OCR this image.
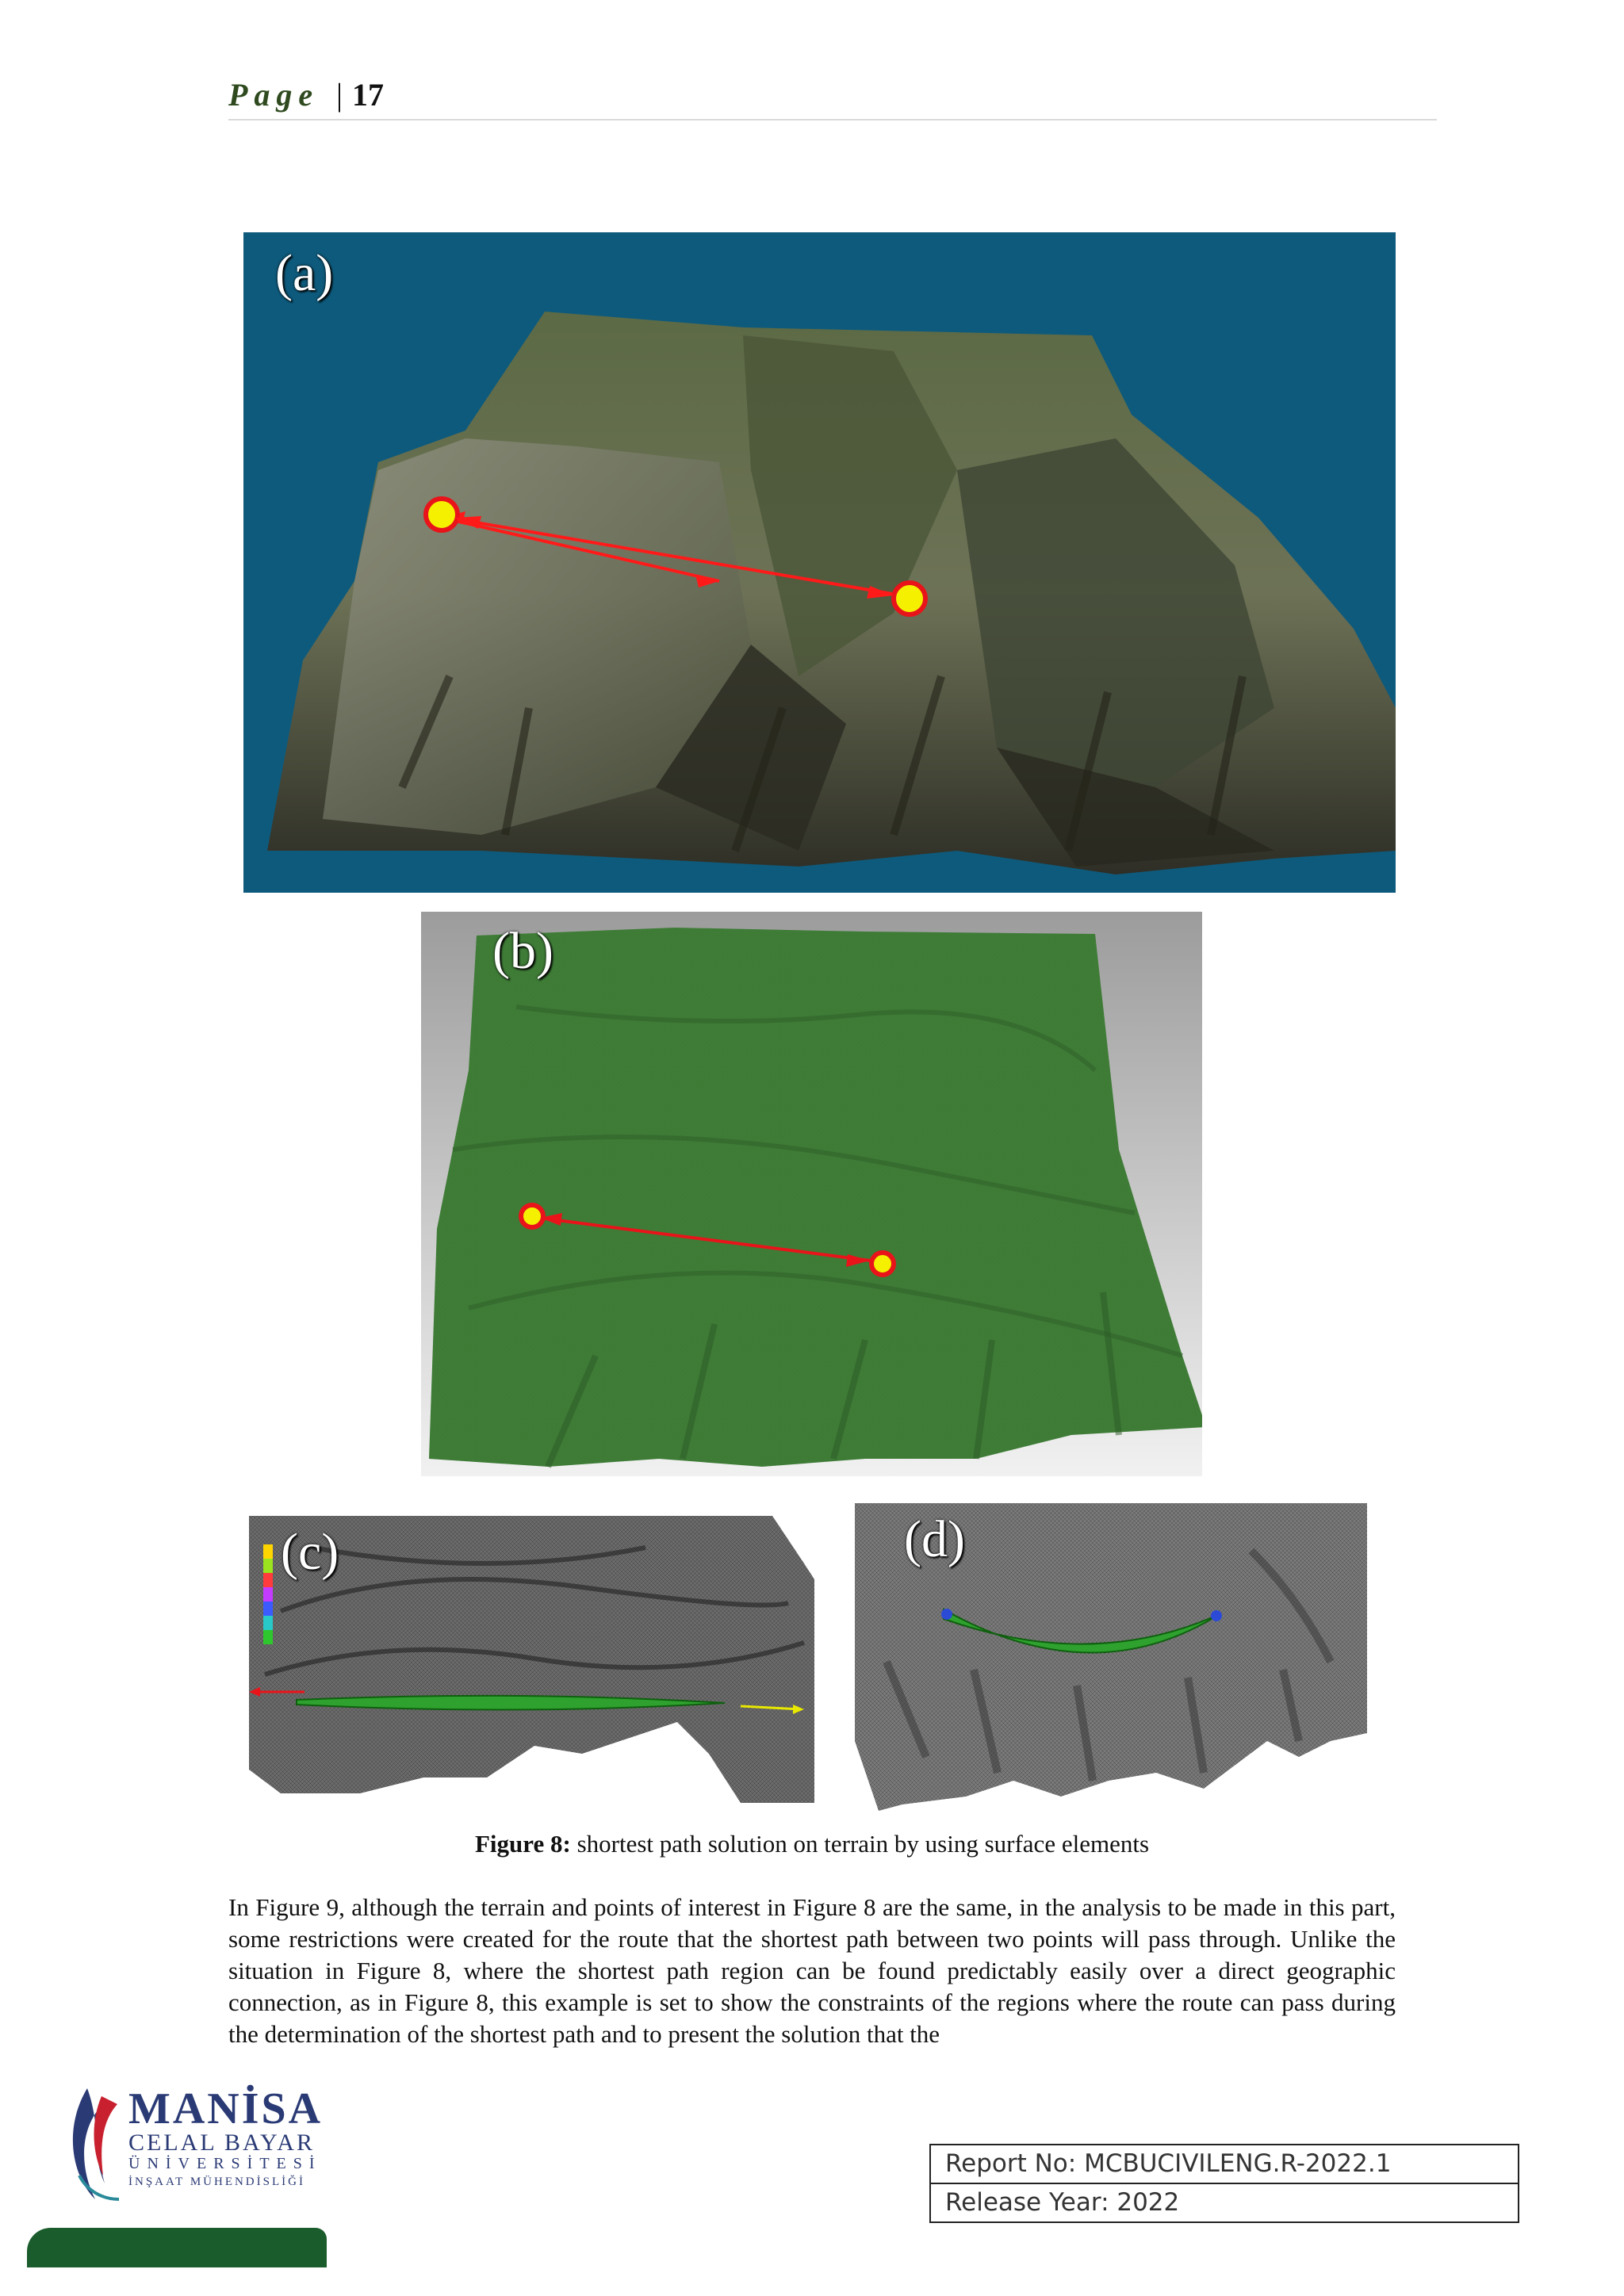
Page | 17
(a)
(b)
(c)	(d)
Figure 8: shortest path solution on terrain by using surface elements
In Figure 9, although the terrain and points of interest in Figure 8 are the same, in the analysis to be made in this part, some restrictions were created for the route that the shortest path between two points will pass through. Unlike the situation in Figure 8, where the shortest path region can be found predictably easily over a direct geographic connection, as in Figure 8, this example is set to show the constraints of the regions where the route can pass during the determination of the shortest path and to present the solution that the
MANİSA
CELAL BAYAR
ÜNİVERSİTESİ
İNŞAAT MÜHENDİSLİĞİ
Report No: MCBUCIVILENG.R-2022.1
Release Year: 2022
